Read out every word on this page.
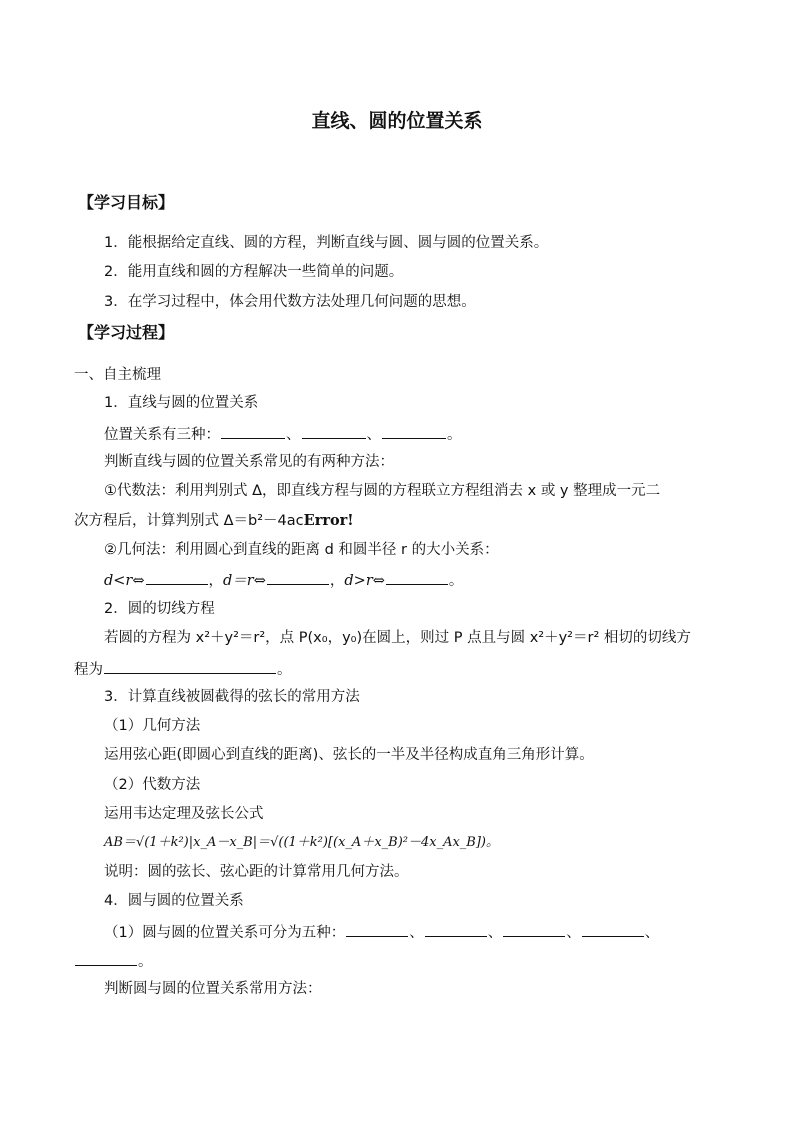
直线、圆的位置关系
【学习目标】
1．能根据给定直线、圆的方程，判断直线与圆、圆与圆的位置关系。
2．能用直线和圆的方程解决一些简单的问题。
3．在学习过程中，体会用代数方法处理几何问题的思想。
【学习过程】
一、自主梳理
1．直线与圆的位置关系
位置关系有三种：	、	、	。
判断直线与圆的位置关系常见的有两种方法：
①代数法：利用判别式 Δ，即直线方程与圆的方程联立方程组消去 x 或 y 整理成一元二
次方程后，计算判别式 Δ＝b²－4acError!
②几何法：利用圆心到直线的距离 d 和圆半径 r 的大小关系：
d<r⇔	，d＝r⇔	，d>r⇔	。
2．圆的切线方程
若圆的方程为 x²＋y²＝r²，点 P(x₀，y₀)在圆上，则过 P 点且与圆 x²＋y²＝r² 相切的切线方
程为	。
3．计算直线被圆截得的弦长的常用方法
（1）几何方法
运用弦心距(即圆心到直线的距离)、弦长的一半及半径构成直角三角形计算。
（2）代数方法
运用韦达定理及弦长公式
AB＝√(1＋k²)|x_A－x_B|＝√((1＋k²)[(x_A＋x_B)²－4x_Ax_B])。
说明：圆的弦长、弦心距的计算常用几何方法。
4．圆与圆的位置关系
（1）圆与圆的位置关系可分为五种：	、	、	、	、
。
判断圆与圆的位置关系常用方法：
